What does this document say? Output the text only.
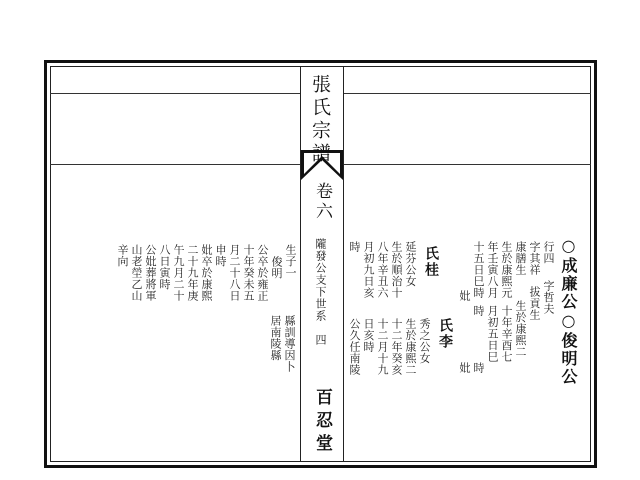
張氏宗譜
卷六
隴發公支下世系　四
百忍堂
○成廉公○俊明公
行四
字哲夫
字其祥
拔貢生
康膳生
生於康熙二
生於康熙元
十年辛酉七
年壬寅八月
月初五日巳
十五日巳時
時
時
妣
妣
氏李
秀之公女
生於康熙二
十二年癸亥
十二月十九
日亥時
公久任南陵
氏桂
延芬公女
生於順治十
八年辛丑六
月初九日亥
時
生子一
俊明
公卒於雍正
縣訓導因卜
十年癸未五
居南陵縣
月二十八日
申時
妣卒於康熙
二十九年庚
午九月二十
八日寅時
公妣葬將軍
山老塋乙山
辛向
